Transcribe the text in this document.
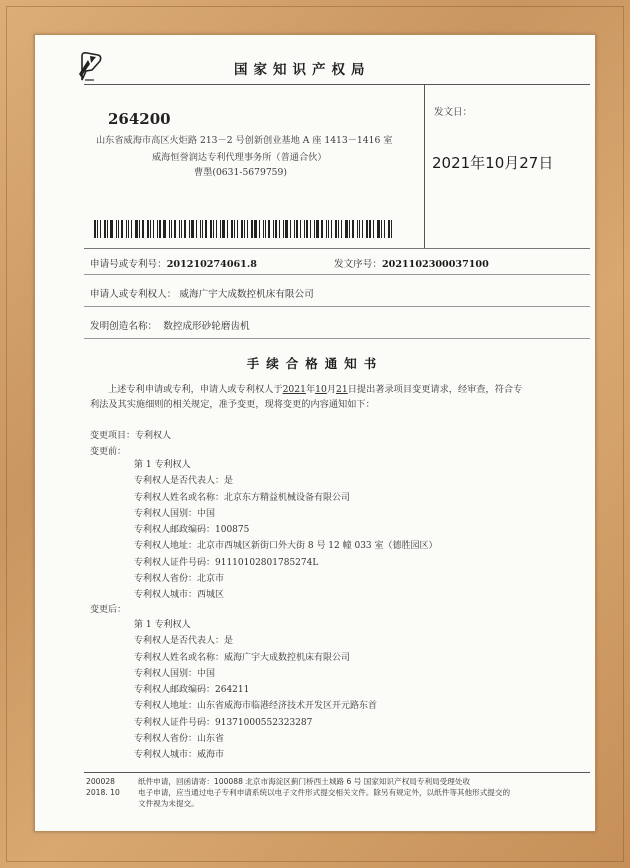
国家知识产权局
264200
山东省威海市高区火炬路 213－2 号创新创业基地 A 座 1413－1416 室
威海恒誉润达专利代理事务所（普通合伙）
曹墨(0631-5679759)
发文日：
2021年10月27日
申请号或专利号：201210274061.8	发文序号：2021102300037100
申请人或专利权人： 威海广宇大成数控机床有限公司
发明创造名称： 数控成形砂轮磨齿机
手续合格通知书
上述专利申请或专利，申请人或专利权人于2021年10月21日提出著录项目变更请求，经审查，符合专
利法及其实施细则的相关规定，准予变更，现将变更的内容通知如下：
变更项目：专利权人
变更前：
第 1 专利权人
专利权人是否代表人：是
专利权人姓名或名称：北京东方精益机械设备有限公司
专利权人国别：中国
专利权人邮政编码：100875
专利权人地址：北京市西城区新街口外大街 8 号 12 幢 033 室（德胜园区）
专利权人证件号码：91110102801785274L
专利权人省份：北京市
专利权人城市：西城区
变更后：
第 1 专利权人
专利权人是否代表人：是
专利权人姓名或名称：威海广宇大成数控机床有限公司
专利权人国别：中国
专利权人邮政编码：264211
专利权人地址：山东省威海市临港经济技术开发区开元路东首
专利权人证件号码：91371000552323287
专利权人省份：山东省
专利权人城市：威海市
200028
2018. 10
纸件申请，回函请寄：100088 北京市海淀区蓟门桥西土城路 6 号 国家知识产权局专利局受理处收
电子申请，应当通过电子专利申请系统以电子文件形式提交相关文件。除另有规定外，以纸件等其他形式提交的
文件视为未提交。
